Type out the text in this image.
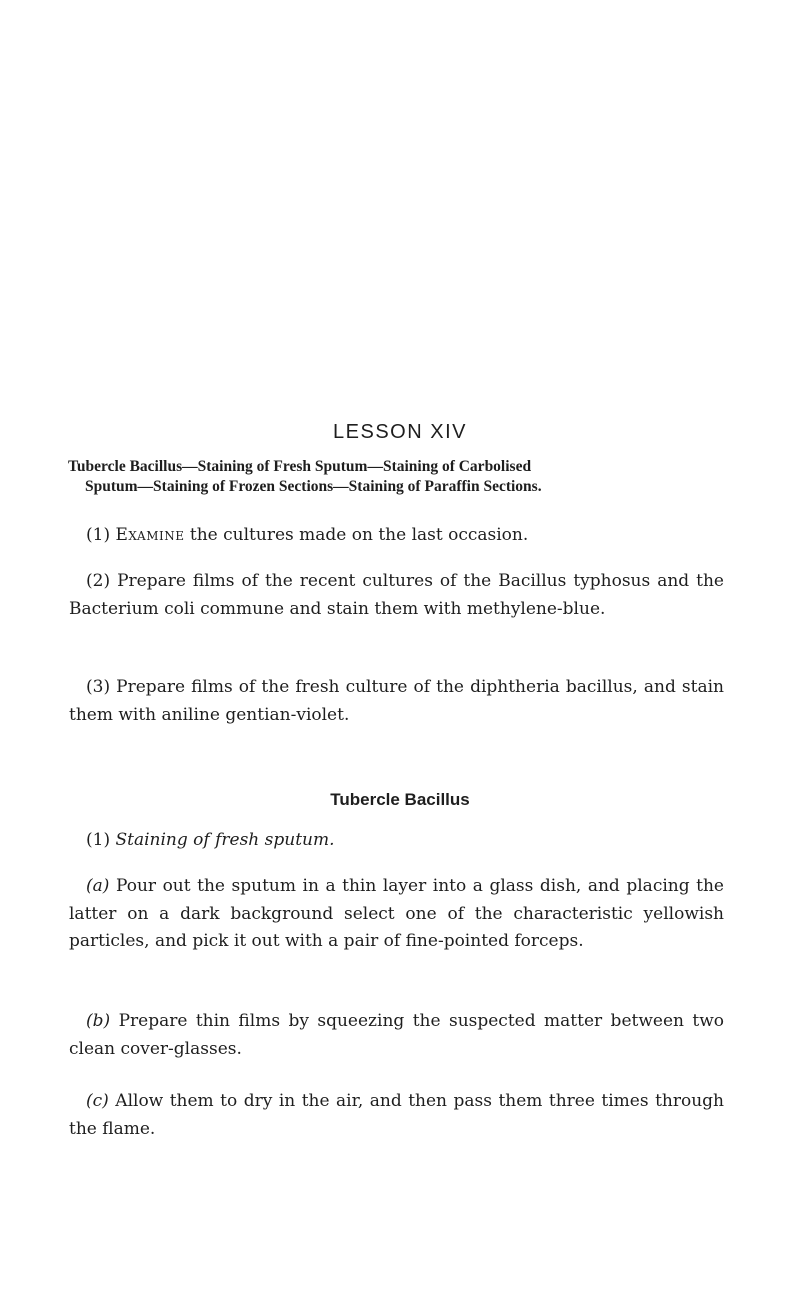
LESSON XIV
Tubercle Bacillus—Staining of Fresh Sputum—Staining of Carbolised
Sputum—Staining of Frozen Sections—Staining of Paraffin Sections.

(1) Examine the cultures made on the last occasion.

(2) Prepare films of the recent cultures of the Bacillus typhosus and the Bacterium coli commune and stain them with methylene-blue.

(3) Prepare films of the fresh culture of the diphtheria bacillus, and stain them with aniline gentian-violet.

Tubercle Bacillus

(1) Staining of fresh sputum.

(a) Pour out the sputum in a thin layer into a glass dish, and placing the latter on a dark background select one of the characteristic yellowish particles, and pick it out with a pair of fine-pointed forceps.

(b) Prepare thin films by squeezing the suspected matter between two clean cover-glasses.

(c) Allow them to dry in the air, and then pass them three times through the flame.
